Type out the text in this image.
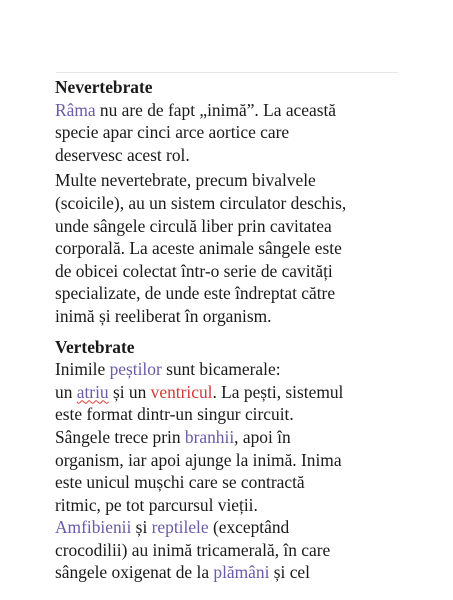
Nevertebrate
Râma nu are de fapt „inimă”. La această
specie apar cinci arce aortice care
deservesc acest rol.
Multe nevertebrate, precum bivalvele
(scoicile), au un sistem circulator deschis,
unde sângele circulă liber prin cavitatea
corporală. La aceste animale sângele este
de obicei colectat într-o serie de cavități
specializate, de unde este îndreptat către
inimă și reeliberat în organism.
Vertebrate
Inimile peștilor sunt bicamerale:
un atriu și un ventricul. La pești, sistemul
este format dintr-un singur circuit.
Sângele trece prin branhii, apoi în
organism, iar apoi ajunge la inimă. Inima
este unicul mușchi care se contractă
ritmic, pe tot parcursul vieții.
Amfibienii și reptilele (exceptând
crocodilii) au inimă tricamerală, în care
sângele oxigenat de la plămâni și cel
